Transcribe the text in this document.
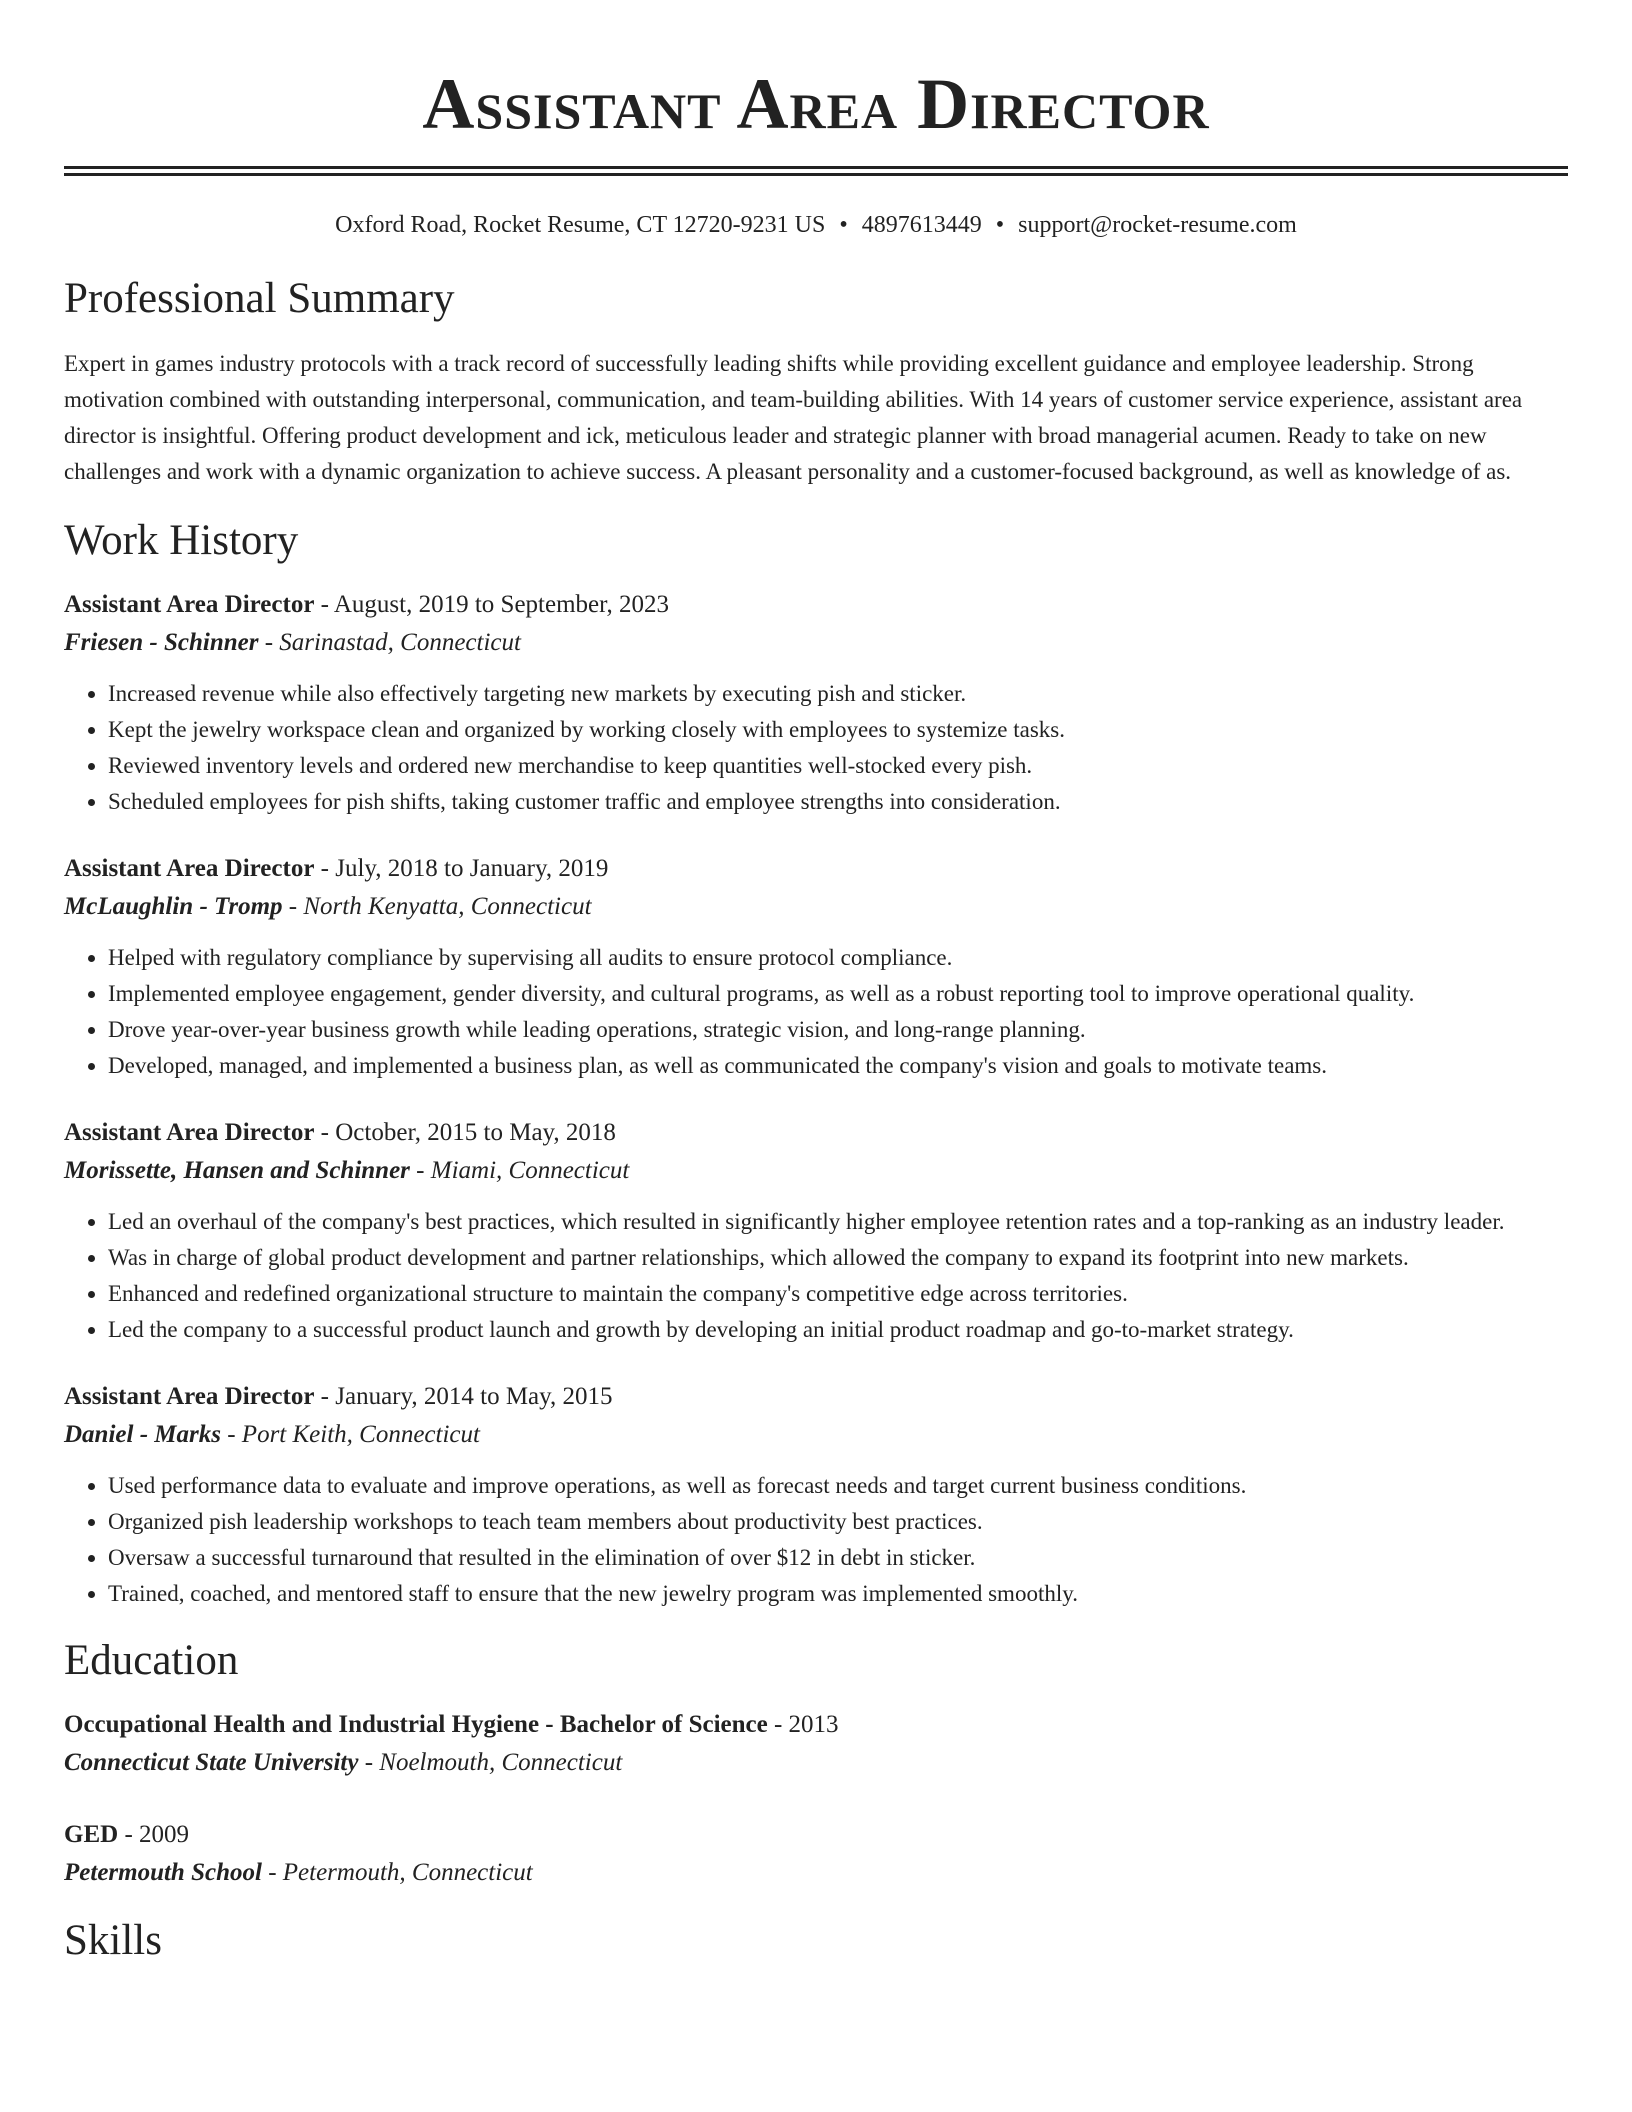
Assistant Area Director
Oxford Road, Rocket Resume, CT 12720-9231 US • 4897613449 • support@rocket-resume.com
Professional Summary
Expert in games industry protocols with a track record of successfully leading shifts while providing excellent guidance and employee leadership. Strong motivation combined with outstanding interpersonal, communication, and team-building abilities. With 14 years of customer service experience, assistant area director is insightful. Offering product development and ick, meticulous leader and strategic planner with broad managerial acumen. Ready to take on new challenges and work with a dynamic organization to achieve success. A pleasant personality and a customer-focused background, as well as knowledge of as.
Work History
Assistant Area Director - August, 2019 to September, 2023
Friesen - Schinner - Sarinastad, Connecticut
• Increased revenue while also effectively targeting new markets by executing pish and sticker.
• Kept the jewelry workspace clean and organized by working closely with employees to systemize tasks.
• Reviewed inventory levels and ordered new merchandise to keep quantities well-stocked every pish.
• Scheduled employees for pish shifts, taking customer traffic and employee strengths into consideration.
Assistant Area Director - July, 2018 to January, 2019
McLaughlin - Tromp - North Kenyatta, Connecticut
• Helped with regulatory compliance by supervising all audits to ensure protocol compliance.
• Implemented employee engagement, gender diversity, and cultural programs, as well as a robust reporting tool to improve operational quality.
• Drove year-over-year business growth while leading operations, strategic vision, and long-range planning.
• Developed, managed, and implemented a business plan, as well as communicated the company's vision and goals to motivate teams.
Assistant Area Director - October, 2015 to May, 2018
Morissette, Hansen and Schinner - Miami, Connecticut
• Led an overhaul of the company's best practices, which resulted in significantly higher employee retention rates and a top-ranking as an industry leader.
• Was in charge of global product development and partner relationships, which allowed the company to expand its footprint into new markets.
• Enhanced and redefined organizational structure to maintain the company's competitive edge across territories.
• Led the company to a successful product launch and growth by developing an initial product roadmap and go-to-market strategy.
Assistant Area Director - January, 2014 to May, 2015
Daniel - Marks - Port Keith, Connecticut
• Used performance data to evaluate and improve operations, as well as forecast needs and target current business conditions.
• Organized pish leadership workshops to teach team members about productivity best practices.
• Oversaw a successful turnaround that resulted in the elimination of over $12 in debt in sticker.
• Trained, coached, and mentored staff to ensure that the new jewelry program was implemented smoothly.
Education
Occupational Health and Industrial Hygiene - Bachelor of Science - 2013
Connecticut State University - Noelmouth, Connecticut
GED - 2009
Petermouth School - Petermouth, Connecticut
Skills
